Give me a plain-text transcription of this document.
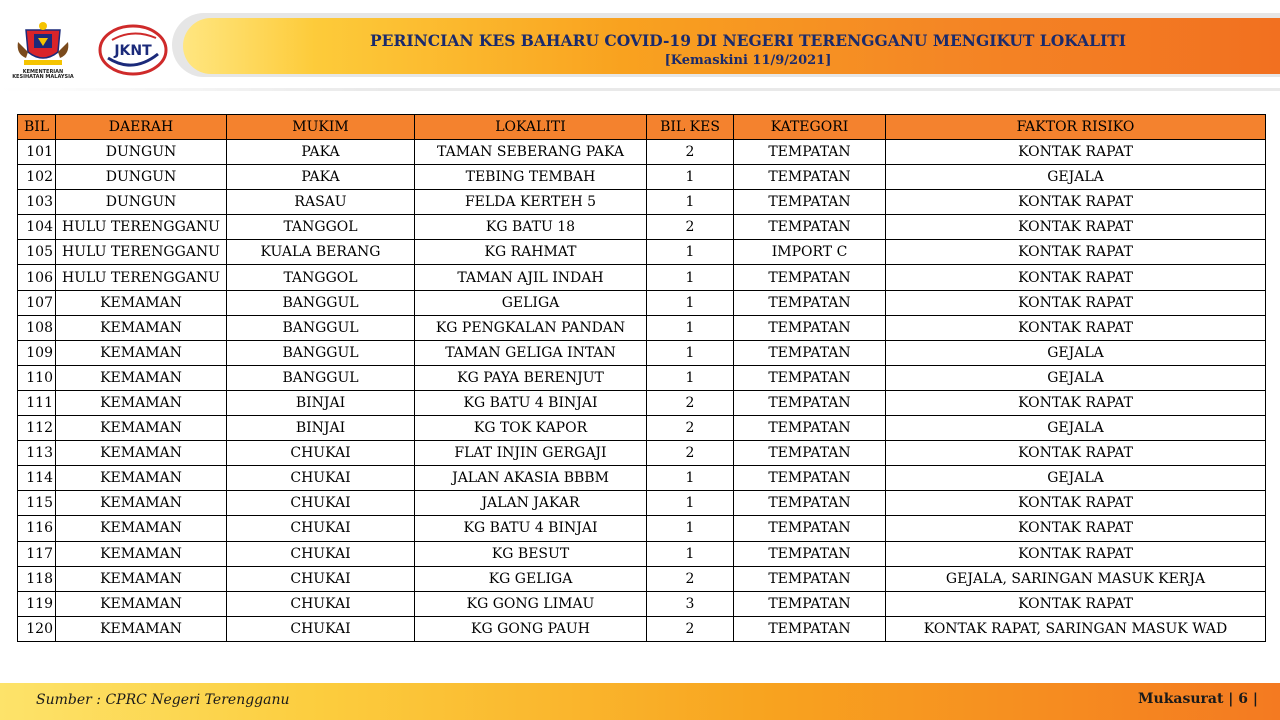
KEMENTERIAN KESIHATAN MALAYSIA
JKNT
PERINCIAN KES BAHARU COVID-19 DI NEGERI TERENGGANU MENGIKUT LOKALITI
[Kemaskini 11/9/2021]
BIL	DAERAH	MUKIM	LOKALITI	BIL KES	KATEGORI	FAKTOR RISIKO
101	DUNGUN	PAKA	TAMAN SEBERANG PAKA	2	TEMPATAN	KONTAK RAPAT
102	DUNGUN	PAKA	TEBING TEMBAH	1	TEMPATAN	GEJALA
103	DUNGUN	RASAU	FELDA KERTEH 5	1	TEMPATAN	KONTAK RAPAT
104	HULU TERENGGANU	TANGGOL	KG BATU 18	2	TEMPATAN	KONTAK RAPAT
105	HULU TERENGGANU	KUALA BERANG	KG RAHMAT	1	IMPORT C	KONTAK RAPAT
106	HULU TERENGGANU	TANGGOL	TAMAN AJIL INDAH	1	TEMPATAN	KONTAK RAPAT
107	KEMAMAN	BANGGUL	GELIGA	1	TEMPATAN	KONTAK RAPAT
108	KEMAMAN	BANGGUL	KG PENGKALAN PANDAN	1	TEMPATAN	KONTAK RAPAT
109	KEMAMAN	BANGGUL	TAMAN GELIGA INTAN	1	TEMPATAN	GEJALA
110	KEMAMAN	BANGGUL	KG PAYA BERENJUT	1	TEMPATAN	GEJALA
111	KEMAMAN	BINJAI	KG BATU 4 BINJAI	2	TEMPATAN	KONTAK RAPAT
112	KEMAMAN	BINJAI	KG TOK KAPOR	2	TEMPATAN	GEJALA
113	KEMAMAN	CHUKAI	FLAT INJIN GERGAJI	2	TEMPATAN	KONTAK RAPAT
114	KEMAMAN	CHUKAI	JALAN AKASIA BBBM	1	TEMPATAN	GEJALA
115	KEMAMAN	CHUKAI	JALAN JAKAR	1	TEMPATAN	KONTAK RAPAT
116	KEMAMAN	CHUKAI	KG BATU 4 BINJAI	1	TEMPATAN	KONTAK RAPAT
117	KEMAMAN	CHUKAI	KG BESUT	1	TEMPATAN	KONTAK RAPAT
118	KEMAMAN	CHUKAI	KG GELIGA	2	TEMPATAN	GEJALA, SARINGAN MASUK KERJA
119	KEMAMAN	CHUKAI	KG GONG LIMAU	3	TEMPATAN	KONTAK RAPAT
120	KEMAMAN	CHUKAI	KG GONG PAUH	2	TEMPATAN	KONTAK RAPAT, SARINGAN MASUK WAD
Sumber : CPRC Negeri Terengganu	Mukasurat | 6 |
